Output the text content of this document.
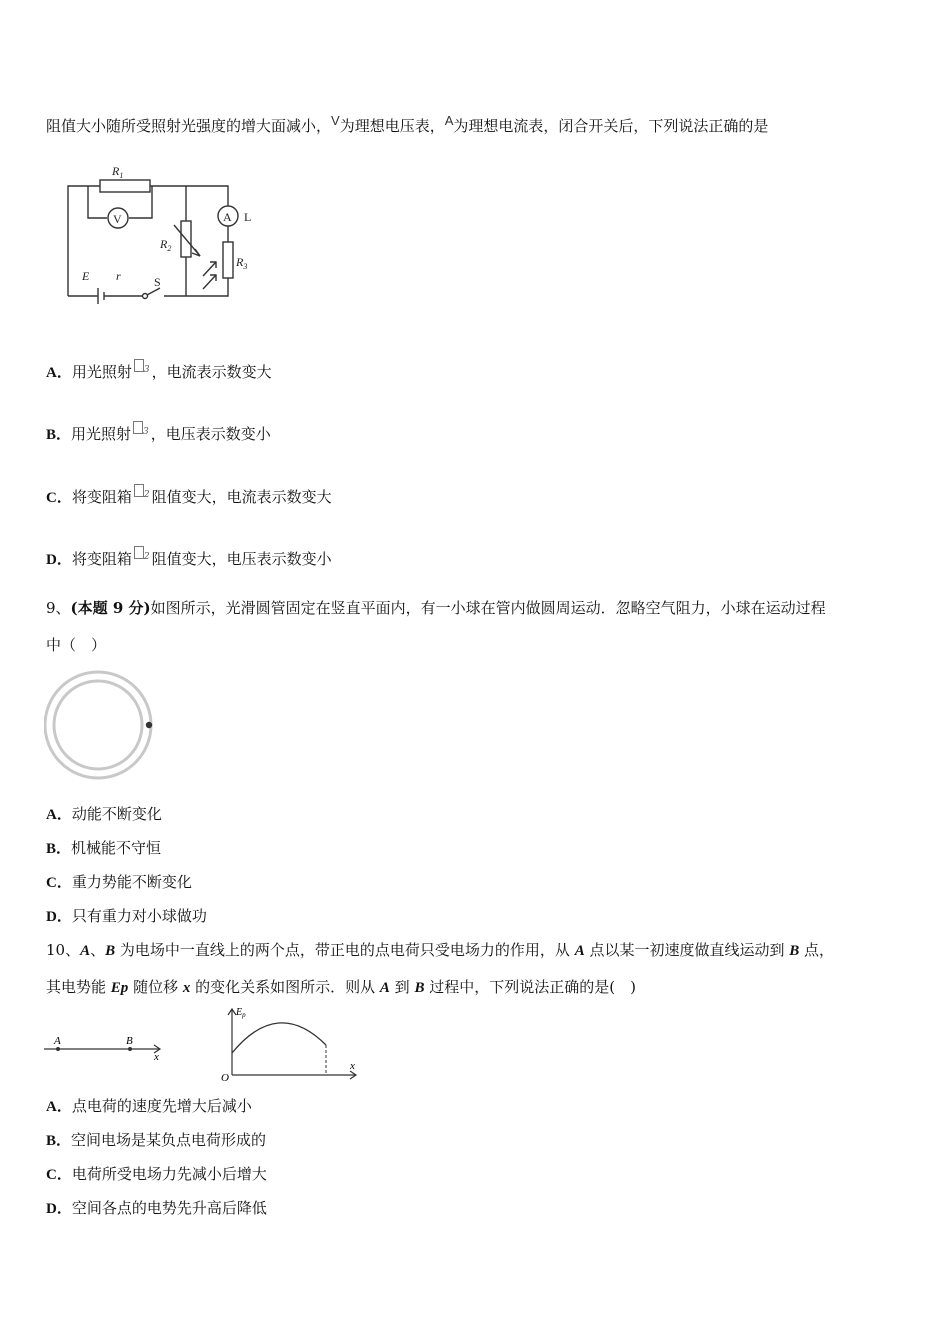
阻值大小随所受照射光强度的增大面减小，V为理想电压表，A为理想电流表，闭合开关后，下列说法正确的是
$R_1$
$R_2$
$R_3$
E r
V	A L
S
A．用光照射 $^3$ ，电流表示数变大
B．用光照射 $^3$ ，电压表示数变小
C．将变阻箱 $^2$ 阻值变大，电流表示数变大
D．将变阻箱 $^2$ 阻值变大，电压表示数变小
9、(本题 9 分)如图所示，光滑圆管固定在竖直平面内，有一小球在管内做圆周运动．忽略空气阻力，小球在运动过程
中（　）
A．动能不断变化
B．机械能不守恒
C．重力势能不断变化
D．只有重力对小球做功
10、A、B 为电场中一直线上的两个点，带正电的点电荷只受电场力的作用，从 A 点以某一初速度做直线运动到 B 点，
其电势能 Ep 随位移 x 的变化关系如图所示．则从 A 到 B 过程中，下列说法正确的是(　)
A	B
x
$E_p$
x
O
A．点电荷的速度先增大后减小
B．空间电场是某负点电荷形成的
C．电荷所受电场力先减小后增大
D．空间各点的电势先升高后降低
